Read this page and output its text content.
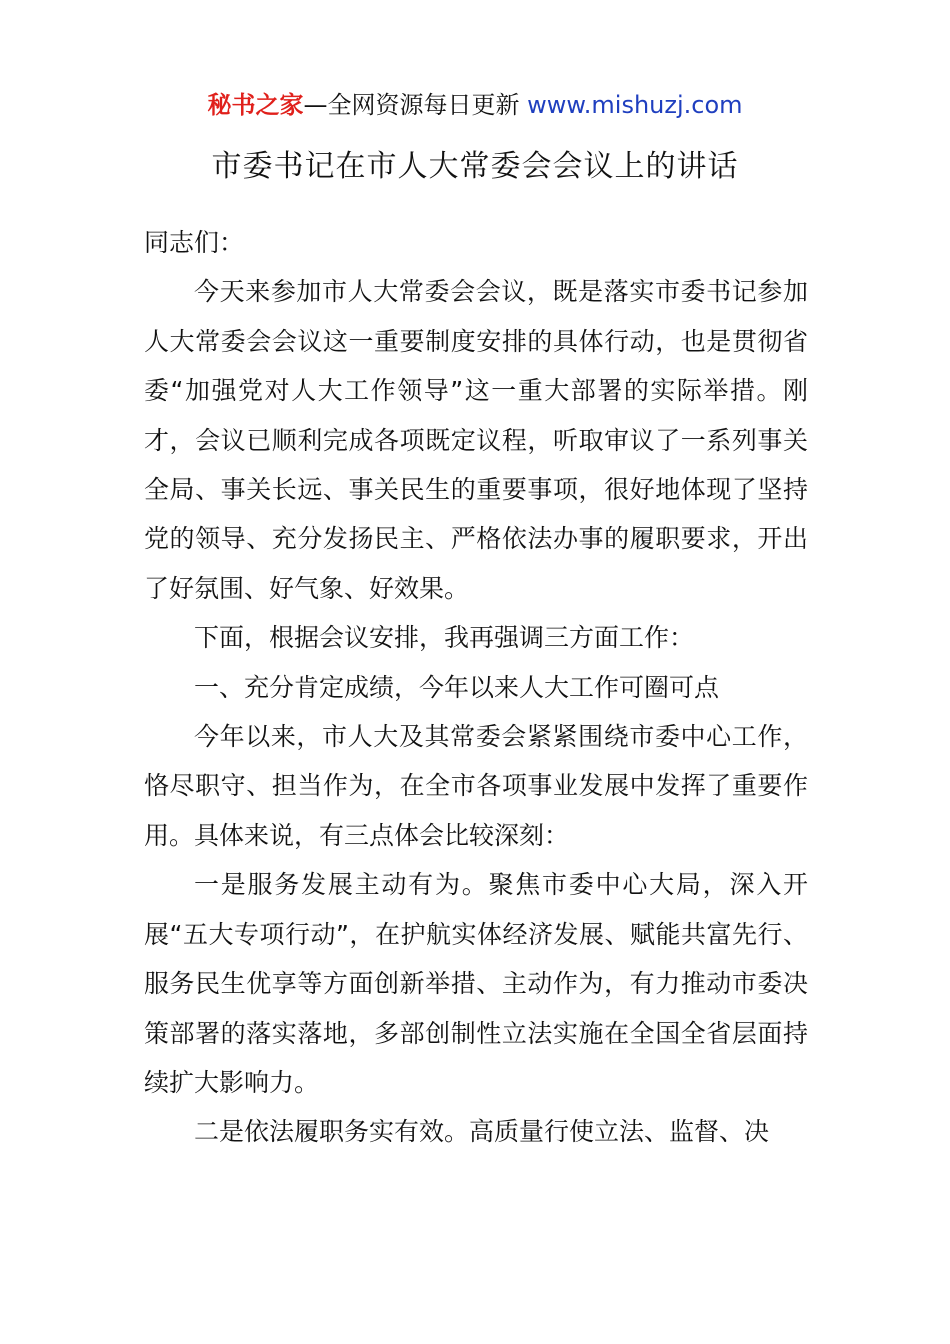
秘书之家—全网资源每日更新 www.mishuzj.com
市委书记在市人大常委会会议上的讲话

同志们：

今天来参加市人大常委会会议，既是落实市委书记参加人大常委会会议这一重要制度安排的具体行动，也是贯彻省委“加强党对人大工作领导”这一重大部署的实际举措。刚才，会议已顺利完成各项既定议程，听取审议了一系列事关全局、事关长远、事关民生的重要事项，很好地体现了坚持党的领导、充分发扬民主、严格依法办事的履职要求，开出了好氛围、好气象、好效果。

下面，根据会议安排，我再强调三方面工作：

一、充分肯定成绩，今年以来人大工作可圈可点

今年以来，市人大及其常委会紧紧围绕市委中心工作，恪尽职守、担当作为，在全市各项事业发展中发挥了重要作用。具体来说，有三点体会比较深刻：

一是服务发展主动有为。聚焦市委中心大局，深入开展“五大专项行动”，在护航实体经济发展、赋能共富先行、服务民生优享等方面创新举措、主动作为，有力推动市委决策部署的落实落地，多部创制性立法实施在全国全省层面持续扩大影响力。

二是依法履职务实有效。高质量行使立法、监督、决
